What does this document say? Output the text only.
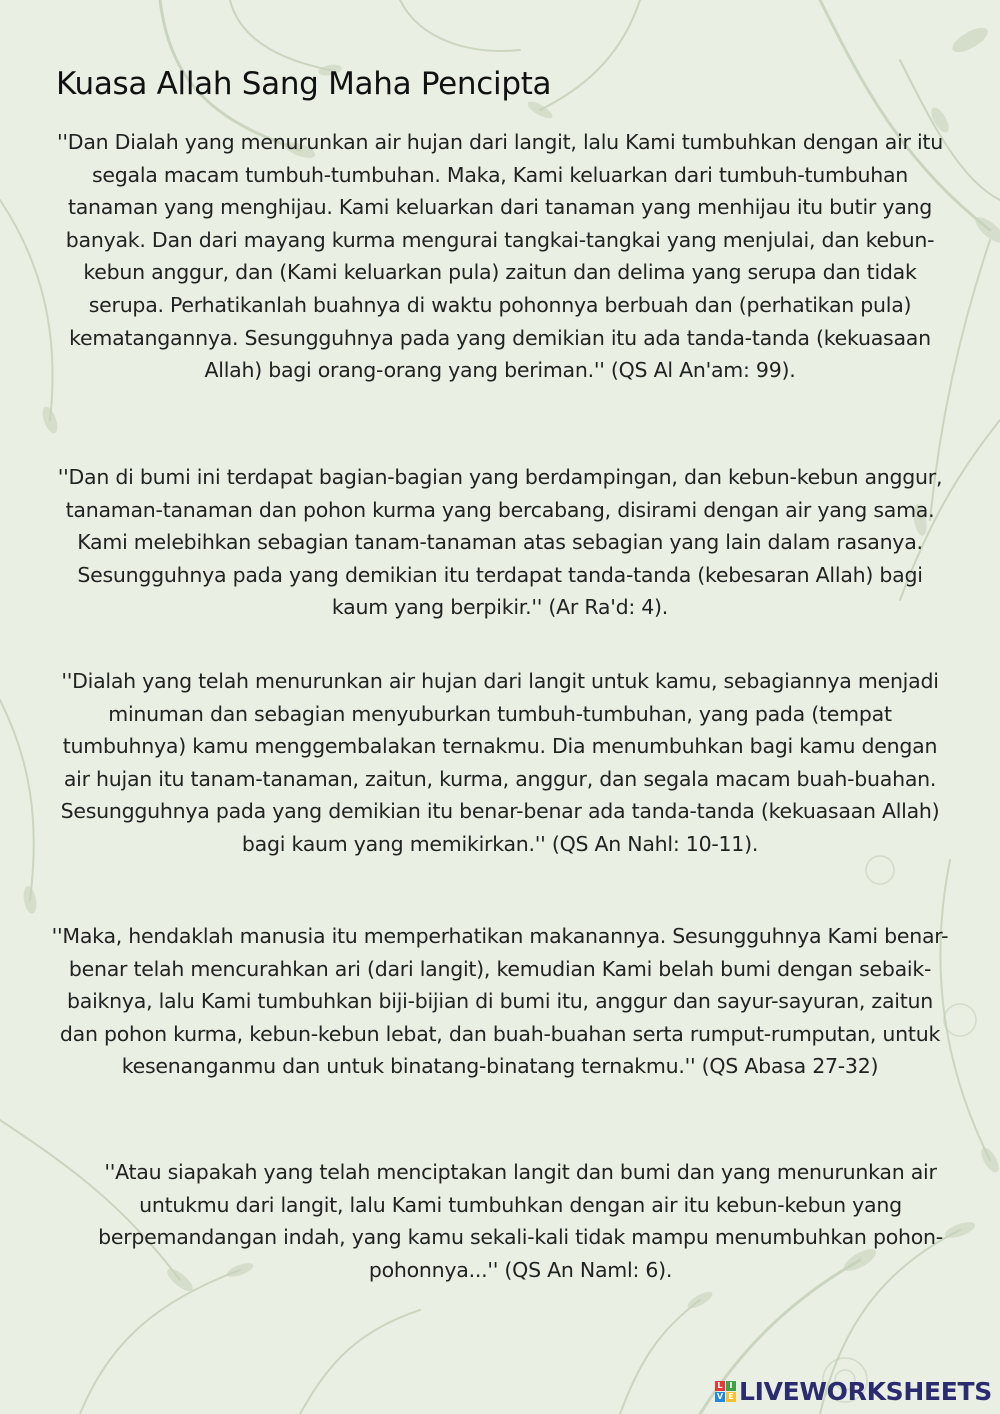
Kuasa Allah Sang Maha Pencipta

''Dan Dialah yang menurunkan air hujan dari langit, lalu Kami tumbuhkan dengan air itu segala macam tumbuh-tumbuhan. Maka, Kami keluarkan dari tumbuh-tumbuhan tanaman yang menghijau. Kami keluarkan dari tanaman yang menhijau itu butir yang banyak. Dan dari mayang kurma mengurai tangkai-tangkai yang menjulai, dan kebun-kebun anggur, dan (Kami keluarkan pula) zaitun dan delima yang serupa dan tidak serupa. Perhatikanlah buahnya di waktu pohonnya berbuah dan (perhatikan pula) kematangannya. Sesungguhnya pada yang demikian itu ada tanda-tanda (kekuasaan Allah) bagi orang-orang yang beriman.'' (QS Al An'am: 99).

''Dan di bumi ini terdapat bagian-bagian yang berdampingan, dan kebun-kebun anggur, tanaman-tanaman dan pohon kurma yang bercabang, disirami dengan air yang sama. Kami melebihkan sebagian tanam-tanaman atas sebagian yang lain dalam rasanya. Sesungguhnya pada yang demikian itu terdapat tanda-tanda (kebesaran Allah) bagi kaum yang berpikir.'' (Ar Ra'd: 4).

''Dialah yang telah menurunkan air hujan dari langit untuk kamu, sebagiannya menjadi minuman dan sebagian menyuburkan tumbuh-tumbuhan, yang pada (tempat tumbuhnya) kamu menggembalakan ternakmu. Dia menumbuhkan bagi kamu dengan air hujan itu tanam-tanaman, zaitun, kurma, anggur, dan segala macam buah-buahan. Sesungguhnya pada yang demikian itu benar-benar ada tanda-tanda (kekuasaan Allah) bagi kaum yang memikirkan.'' (QS An Nahl: 10-11).

''Maka, hendaklah manusia itu memperhatikan makanannya. Sesungguhnya Kami benar-benar telah mencurahkan ari (dari langit), kemudian Kami belah bumi dengan sebaik-baiknya, lalu Kami tumbuhkan biji-bijian di bumi itu, anggur dan sayur-sayuran, zaitun dan pohon kurma, kebun-kebun lebat, dan buah-buahan serta rumput-rumputan, untuk kesenanganmu dan untuk binatang-binatang ternakmu.'' (QS Abasa 27-32)

''Atau siapakah yang telah menciptakan langit dan bumi dan yang menurunkan air untukmu dari langit, lalu Kami tumbuhkan dengan air itu kebun-kebun yang berpemandangan indah, yang kamu sekali-kali tidak mampu menumbuhkan pohon-pohonnya...'' (QS An Naml: 6).

L I
V E LIVEWORKSHEETS
